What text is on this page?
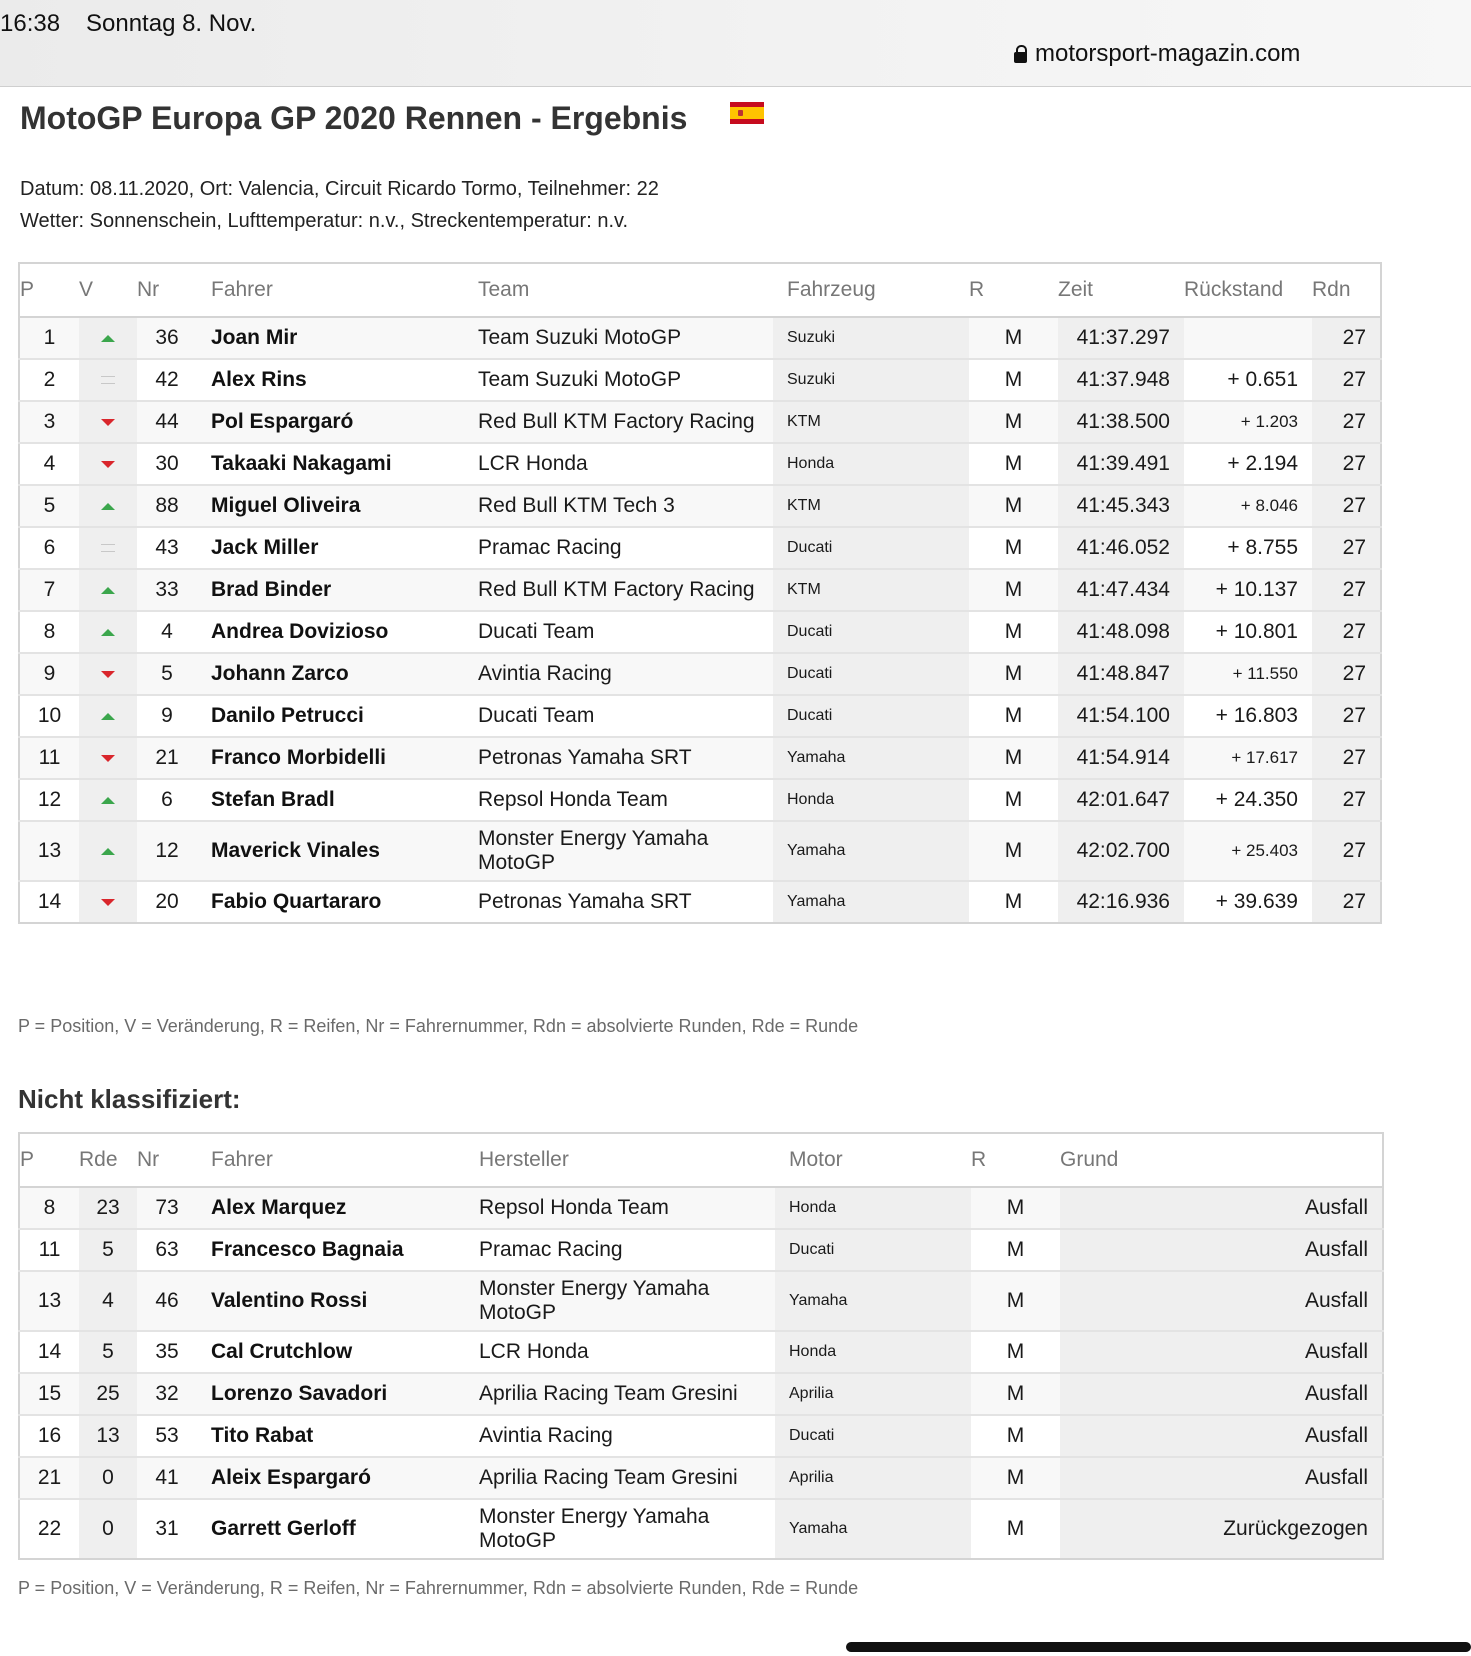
16:38 Sonntag 8. Nov.
motorsport-magazin.com
MotoGP Europa GP 2020 Rennen - Ergebnis
Datum: 08.11.2020, Ort: Valencia, Circuit Ricardo Tormo, Teilnehmer: 22
Wetter: Sonnenschein, Lufttemperatur: n.v., Streckentemperatur: n.v.
P	V	Nr	Fahrer	Team	Fahrzeug	R	Zeit	Rückstand	Rdn
1		36	Joan Mir	Team Suzuki MotoGP	Suzuki	M	41:37.297		27
2		42	Alex Rins	Team Suzuki MotoGP	Suzuki	M	41:37.948	+ 0.651	27
3		44	Pol Espargaró	Red Bull KTM Factory Racing	KTM	M	41:38.500	+ 1.203	27
4		30	Takaaki Nakagami	LCR Honda	Honda	M	41:39.491	+ 2.194	27
5		88	Miguel Oliveira	Red Bull KTM Tech 3	KTM	M	41:45.343	+ 8.046	27
6		43	Jack Miller	Pramac Racing	Ducati	M	41:46.052	+ 8.755	27
7		33	Brad Binder	Red Bull KTM Factory Racing	KTM	M	41:47.434	+ 10.137	27
8		4	Andrea Dovizioso	Ducati Team	Ducati	M	41:48.098	+ 10.801	27
9		5	Johann Zarco	Avintia Racing	Ducati	M	41:48.847	+ 11.550	27
10		9	Danilo Petrucci	Ducati Team	Ducati	M	41:54.100	+ 16.803	27
11		21	Franco Morbidelli	Petronas Yamaha SRT	Yamaha	M	41:54.914	+ 17.617	27
12		6	Stefan Bradl	Repsol Honda Team	Honda	M	42:01.647	+ 24.350	27
13		12	Maverick Vinales	Monster Energy Yamaha MotoGP	Yamaha	M	42:02.700	+ 25.403	27
14		20	Fabio Quartararo	Petronas Yamaha SRT	Yamaha	M	42:16.936	+ 39.639	27
P = Position, V = Veränderung, R = Reifen, Nr = Fahrernummer, Rdn = absolvierte Runden, Rde = Runde
Nicht klassifiziert:
P	Rde	Nr	Fahrer	Hersteller	Motor	R	Grund
8	23	73	Alex Marquez	Repsol Honda Team	Honda	M	Ausfall
11	5	63	Francesco Bagnaia	Pramac Racing	Ducati	M	Ausfall
13	4	46	Valentino Rossi	Monster Energy Yamaha MotoGP	Yamaha	M	Ausfall
14	5	35	Cal Crutchlow	LCR Honda	Honda	M	Ausfall
15	25	32	Lorenzo Savadori	Aprilia Racing Team Gresini	Aprilia	M	Ausfall
16	13	53	Tito Rabat	Avintia Racing	Ducati	M	Ausfall
21	0	41	Aleix Espargaró	Aprilia Racing Team Gresini	Aprilia	M	Ausfall
22	0	31	Garrett Gerloff	Monster Energy Yamaha MotoGP	Yamaha	M	Zurückgezogen
P = Position, V = Veränderung, R = Reifen, Nr = Fahrernummer, Rdn = absolvierte Runden, Rde = Runde
